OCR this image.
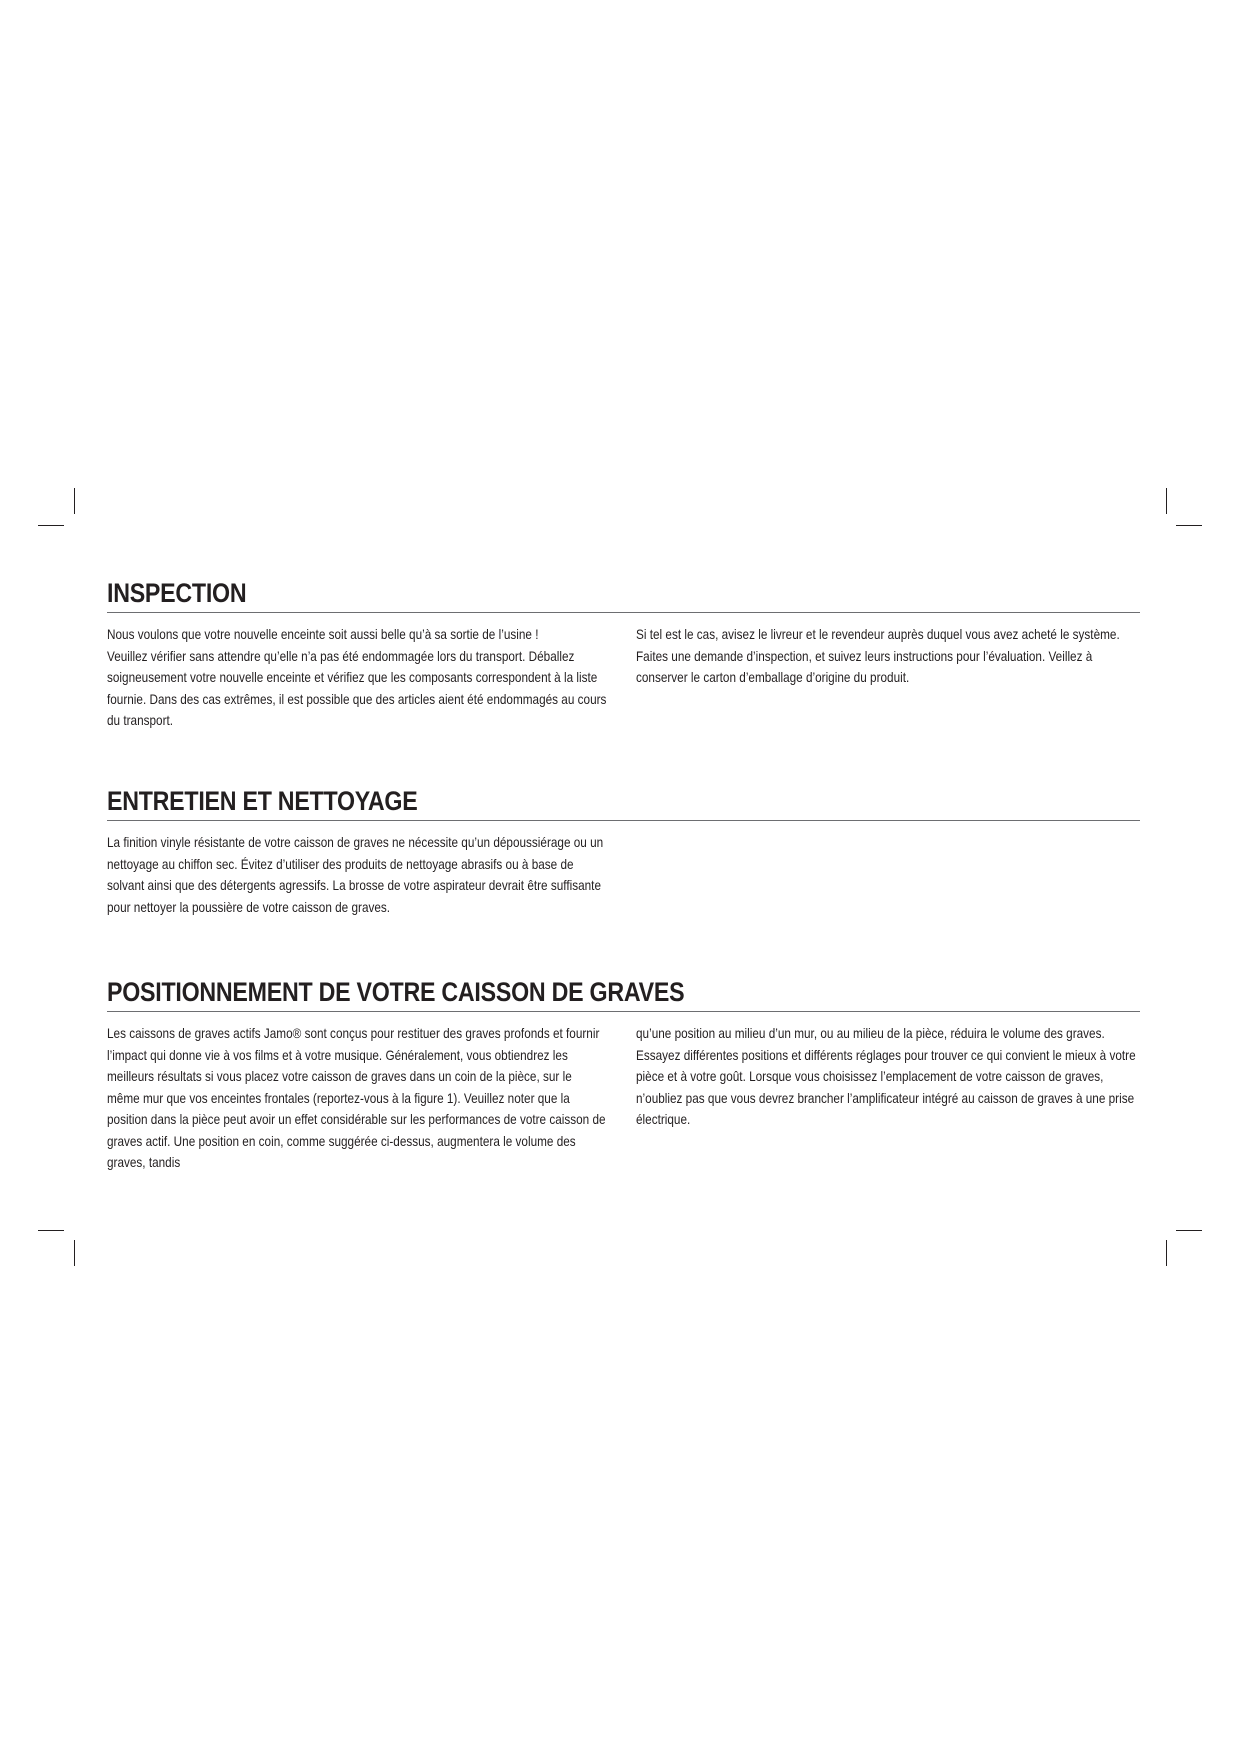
INSPECTION

Nous voulons que votre nouvelle enceinte soit aussi belle qu’à sa sortie de l’usine !

Veuillez vérifier sans attendre qu’elle n’a pas été endommagée lors du transport. Déballez soigneusement votre nouvelle enceinte et vérifiez que les composants correspondent à la liste fournie. Dans des cas extrêmes, il est possible que des articles aient été endommagés au cours du transport.

Si tel est le cas, avisez le livreur et le revendeur auprès duquel vous avez acheté le système. Faites une demande d’inspection, et suivez leurs instructions pour l’évaluation. Veillez à conserver le carton d’emballage d’origine du produit.

ENTRETIEN ET NETTOYAGE

La finition vinyle résistante de votre caisson de graves ne nécessite qu’un dépoussiérage ou un nettoyage au chiffon sec. Évitez d’utiliser des produits de nettoyage abrasifs ou à base de solvant ainsi que des détergents agressifs. La brosse de votre aspirateur devrait être suffisante pour nettoyer la poussière de votre caisson de graves.

POSITIONNEMENT DE VOTRE CAISSON DE GRAVES

Les caissons de graves actifs Jamo® sont conçus pour restituer des graves profonds et fournir l’impact qui donne vie à vos films et à votre musique. Généralement, vous obtiendrez les meilleurs résultats si vous placez votre caisson de graves dans un coin de la pièce, sur le même mur que vos enceintes frontales (reportez-vous à la figure 1). Veuillez noter que la position dans la pièce peut avoir un effet considérable sur les performances de votre caisson de graves actif. Une position en coin, comme suggérée ci-dessus, augmentera le volume des graves, tandis

qu’une position au milieu d’un mur, ou au milieu de la pièce, réduira le volume des graves. Essayez différentes positions et différents réglages pour trouver ce qui convient le mieux à votre pièce et à votre goût. Lorsque vous choisissez l’emplacement de votre caisson de graves, n’oubliez pas que vous devrez brancher l’amplificateur intégré au caisson de graves à une prise électrique.
